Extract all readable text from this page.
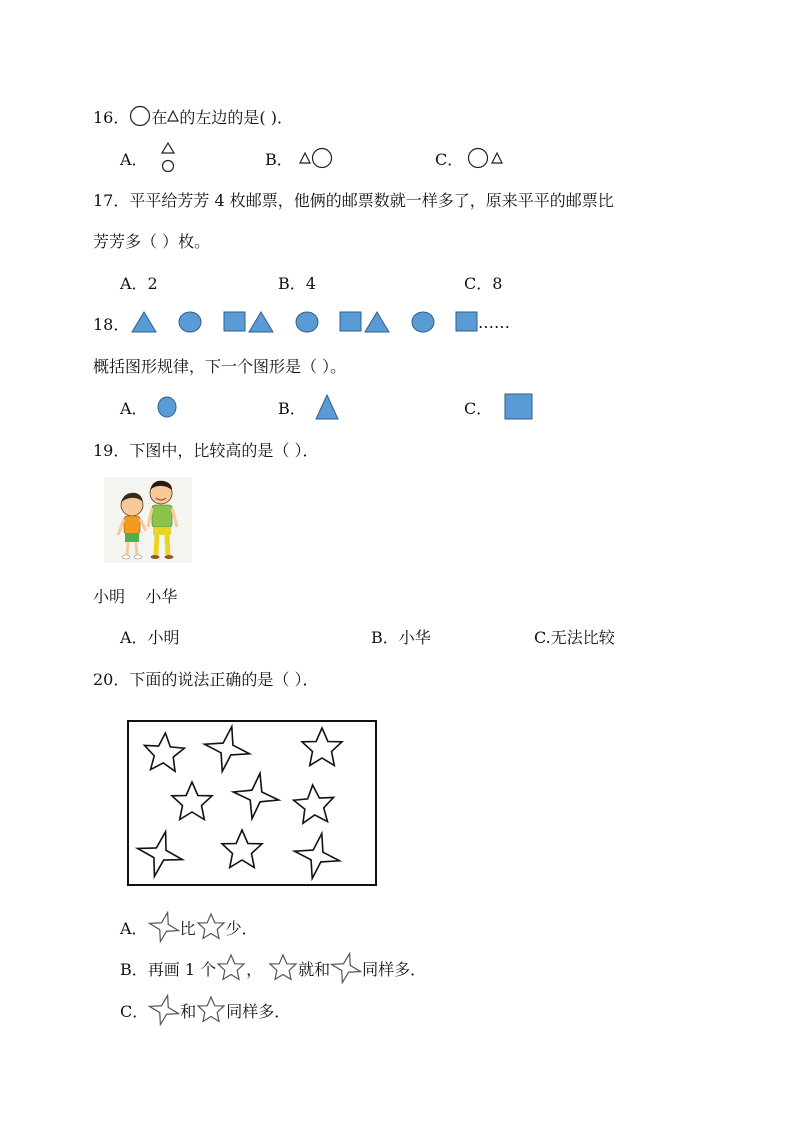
16． 在 的左边的是( )．
A．	B．	C．
17． 平平给芳芳 4 枚邮票，他俩的邮票数就一样多了，原来平平的邮票比
芳芳多（ ）枚。
A．2	B．4	C．8
18．	……
概括图形规律，下一个图形是（ ）。
A．	B．	C．
19． 下图中，比较高的是（ ）．
小明    小华
A．小明	B．小华	C.无法比较
20． 下面的说法正确的是（ ）．
A． 比 少．
B．再画 1 个 ， 就和 同样多．
C． 和 同样多．
